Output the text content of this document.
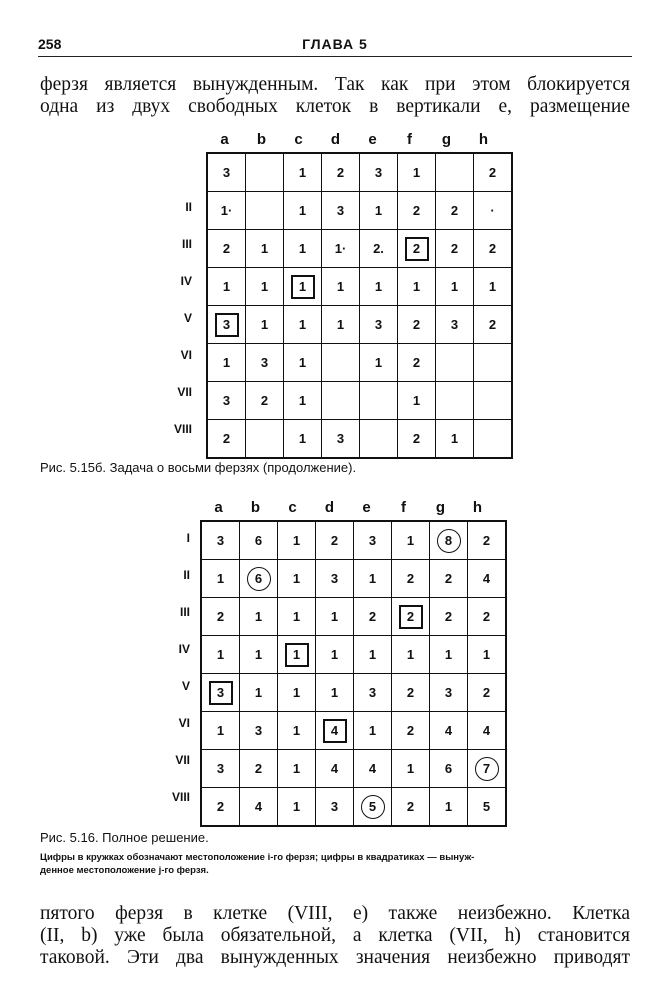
258	ГЛАВА 5
ферзя является вынужденным. Так как при этом блокируется
одна из двух свободных клеток в вертикали е, размещение
a	b	c	d	e	f	g	h
II
III
IV
V
VI
VII
VIII
3		1	2	3	1		2
1·		1	3	1	2	2	·
2	1	1	1·	2.	2	2	2
1	1	1	1	1	1	1	1
3	1	1	1	3	2	3	2
1	3	1		1	2		
3	2	1			1		
2		1	3		2	1	
Рис. 5.15б. Задача о восьми ферзях (продолжение).
a	b	c	d	e	f	g	h
I
II
III
IV
V
VI
VII
VIII
3	6	1	2	3	1	8	2
1	6	1	3	1	2	2	4
2	1	1	1	2	2	2	2
1	1	1	1	1	1	1	1
3	1	1	1	3	2	3	2
1	3	1	4	1	2	4	4
3	2	1	4	4	1	6	7
2	4	1	3	5	2	1	5
Рис. 5.16. Полное решение.
Цифры в кружках обозначают местоположение i-го ферзя; цифры в квадратиках — вынуж-
денное местоположение j-го ферзя.
пятого ферзя в клетке (VIII, е) также неизбежно. Клетка
(II, b) уже была обязательной, а клетка (VII, h) становится
таковой. Эти два вынужденных значения неизбежно приводят
